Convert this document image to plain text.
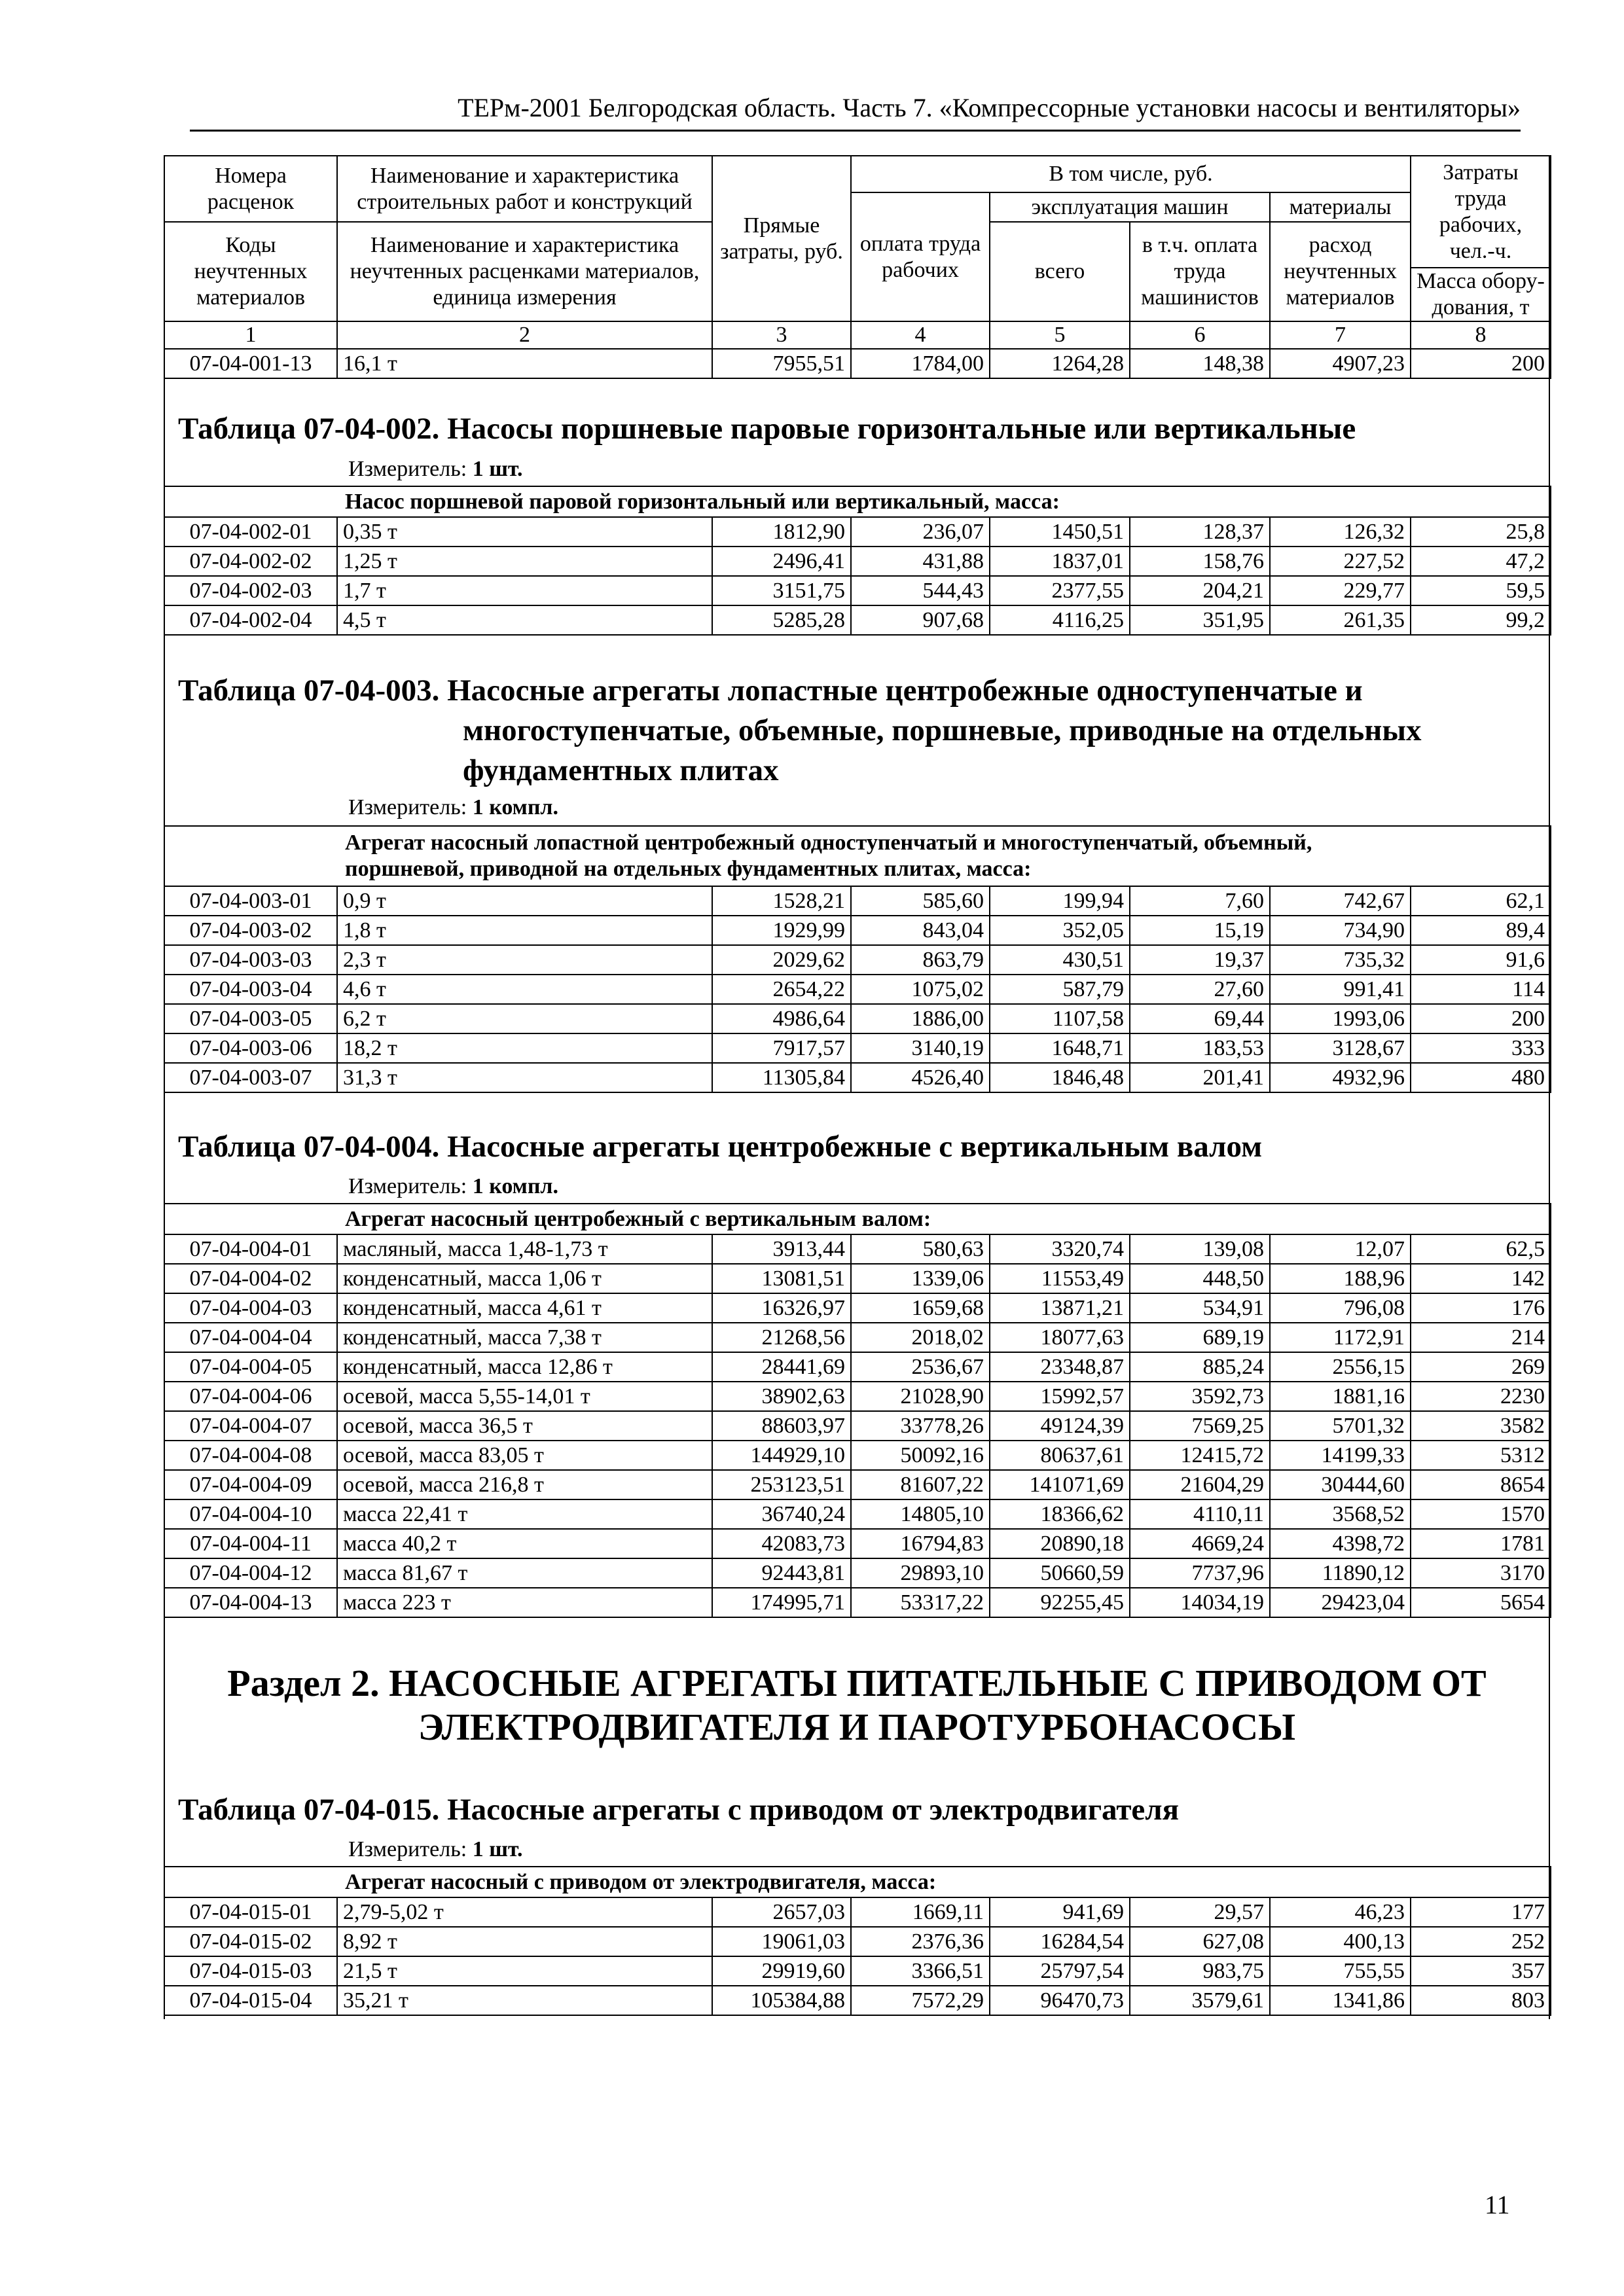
ТЕРм-2001 Белгородская область. Часть 7. «Компрессорные установки насосы и вентиляторы»
Номера расценок	Наименование и характеристика строительных работ и конструкций	Прямые затраты, руб.	В том числе, руб.				Затраты труда рабочих, чел.-ч.
			оплата труда рабочих	эксплуатация машин		материалы	
Коды неучтенных материалов	Наименование и характеристика неучтенных расценками материалов, единица измерения			всего	в т.ч. оплата труда машинистов	расход неучтенных материалов	

							Масса обору-дования, т
1	2	3	4	5	6	7	8
07-04-001-13	16,1 т	7955,51	1784,00	1264,28	148,38	4907,23	200
Таблица 07-04-002. Насосы поршневые паровые горизонтальные или вертикальные
Измеритель: 1 шт.
Насос поршневой паровой горизонтальный или вертикальный, масса:							
07-04-002-01	0,35 т	1812,90	236,07	1450,51	128,37	126,32	25,8
07-04-002-02	1,25 т	2496,41	431,88	1837,01	158,76	227,52	47,2
07-04-002-03	1,7 т	3151,75	544,43	2377,55	204,21	229,77	59,5
07-04-002-04	4,5 т	5285,28	907,68	4116,25	351,95	261,35	99,2
Таблица 07-04-003. Насосные агрегаты лопастные центробежные одноступенчатые и
многоступенчатые, объемные, поршневые, приводные на отдельных
фундаментных плитах
Измеритель: 1 компл.
Агрегат насосный лопастной центробежный одноступенчатый и многоступенчатый, объемный,
поршневой, приводной на отдельных фундаментных плитах, масса:							
07-04-003-01	0,9 т	1528,21	585,60	199,94	7,60	742,67	62,1
07-04-003-02	1,8 т	1929,99	843,04	352,05	15,19	734,90	89,4
07-04-003-03	2,3 т	2029,62	863,79	430,51	19,37	735,32	91,6
07-04-003-04	4,6 т	2654,22	1075,02	587,79	27,60	991,41	114
07-04-003-05	6,2 т	4986,64	1886,00	1107,58	69,44	1993,06	200
07-04-003-06	18,2 т	7917,57	3140,19	1648,71	183,53	3128,67	333
07-04-003-07	31,3 т	11305,84	4526,40	1846,48	201,41	4932,96	480
Таблица 07-04-004. Насосные агрегаты центробежные с вертикальным валом
Измеритель: 1 компл.
Агрегат насосный центробежный с вертикальным валом:							
07-04-004-01	масляный, масса 1,48-1,73 т	3913,44	580,63	3320,74	139,08	12,07	62,5
07-04-004-02	конденсатный, масса 1,06 т	13081,51	1339,06	11553,49	448,50	188,96	142
07-04-004-03	конденсатный, масса 4,61 т	16326,97	1659,68	13871,21	534,91	796,08	176
07-04-004-04	конденсатный, масса 7,38 т	21268,56	2018,02	18077,63	689,19	1172,91	214
07-04-004-05	конденсатный, масса 12,86 т	28441,69	2536,67	23348,87	885,24	2556,15	269
07-04-004-06	осевой, масса 5,55-14,01 т	38902,63	21028,90	15992,57	3592,73	1881,16	2230
07-04-004-07	осевой, масса 36,5 т	88603,97	33778,26	49124,39	7569,25	5701,32	3582
07-04-004-08	осевой, масса 83,05 т	144929,10	50092,16	80637,61	12415,72	14199,33	5312
07-04-004-09	осевой, масса 216,8 т	253123,51	81607,22	141071,69	21604,29	30444,60	8654
07-04-004-10	масса 22,41 т	36740,24	14805,10	18366,62	4110,11	3568,52	1570
07-04-004-11	масса 40,2 т	42083,73	16794,83	20890,18	4669,24	4398,72	1781
07-04-004-12	масса 81,67 т	92443,81	29893,10	50660,59	7737,96	11890,12	3170
07-04-004-13	масса 223 т	174995,71	53317,22	92255,45	14034,19	29423,04	5654
Раздел 2. НАСОСНЫЕ АГРЕГАТЫ ПИТАТЕЛЬНЫЕ С ПРИВОДОМ ОТ
ЭЛЕКТРОДВИГАТЕЛЯ И ПАРОТУРБОНАСОСЫ
Таблица 07-04-015. Насосные агрегаты с приводом от электродвигателя
Измеритель: 1 шт.
Агрегат насосный с приводом от электродвигателя, масса:							
07-04-015-01	2,79-5,02 т	2657,03	1669,11	941,69	29,57	46,23	177
07-04-015-02	8,92 т	19061,03	2376,36	16284,54	627,08	400,13	252
07-04-015-03	21,5 т	29919,60	3366,51	25797,54	983,75	755,55	357
07-04-015-04	35,21 т	105384,88	7572,29	96470,73	3579,61	1341,86	803
11
